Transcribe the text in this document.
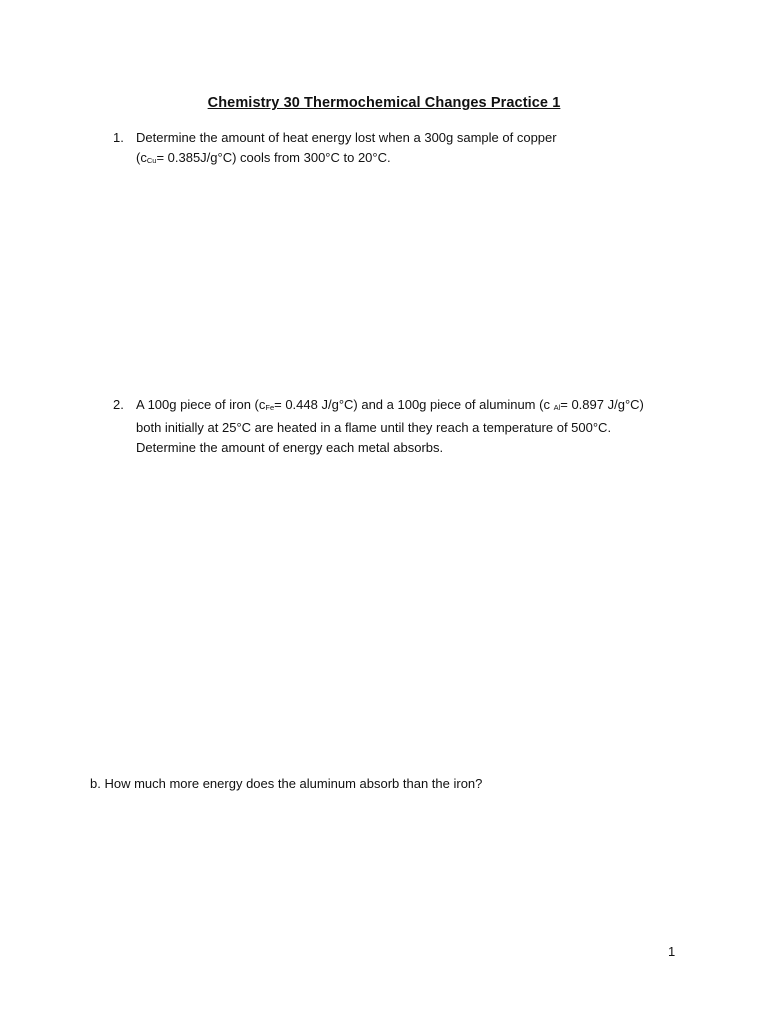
Chemistry 30 Thermochemical Changes Practice 1
1. Determine the amount of heat energy lost when a 300g sample of copper
(cCu= 0.385J/g°C) cools from 300°C to 20°C.
2. A 100g piece of iron (cFe= 0.448 J/g°C) and a 100g piece of aluminum (c Al= 0.897 J/g°C)
both initially at 25°C are heated in a flame until they reach a temperature of 500°C.
Determine the amount of energy each metal absorbs.
b. How much more energy does the aluminum absorb than the iron?
1
